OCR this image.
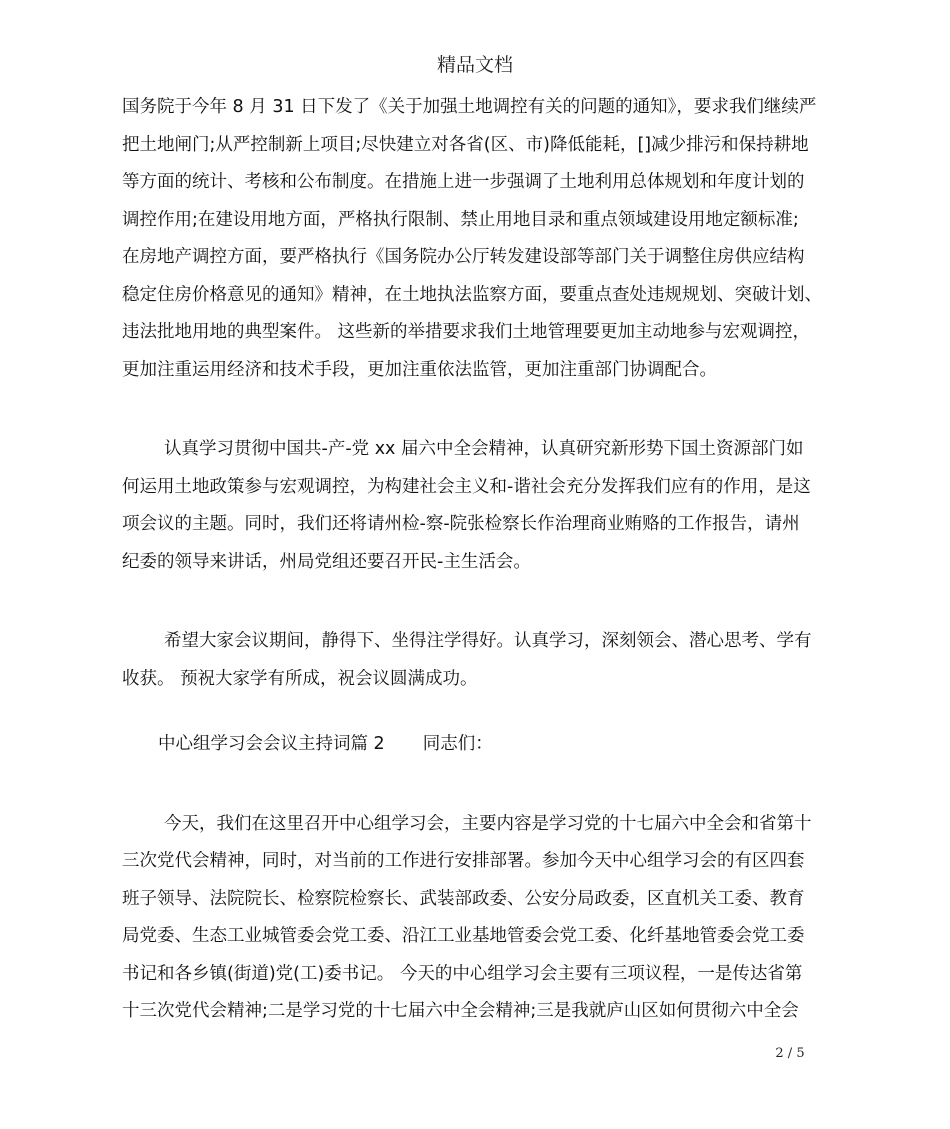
精品文档
国务院于今年 8 月 31 日下发了《关于加强土地调控有关的问题的通知》，要求我们继续严
把土地闸门;从严控制新上项目;尽快建立对各省(区、市)降低能耗，[]减少排污和保持耕地
等方面的统计、考核和公布制度。在措施上进一步强调了土地利用总体规划和年度计划的
调控作用;在建设用地方面，严格执行限制、禁止用地目录和重点领域建设用地定额标准;
在房地产调控方面，要严格执行《国务院办公厅转发建设部等部门关于调整住房供应结构
稳定住房价格意见的通知》精神，在土地执法监察方面，要重点查处违规规划、突破计划、
违法批地用地的典型案件。 这些新的举措要求我们土地管理要更加主动地参与宏观调控，
更加注重运用经济和技术手段，更加注重依法监管，更加注重部门协调配合。
认真学习贯彻中国共-产-党 xx 届六中全会精神，认真研究新形势下国土资源部门如
何运用土地政策参与宏观调控，为构建社会主义和-谐社会充分发挥我们应有的作用，是这
项会议的主题。同时，我们还将请州检-察-院张检察长作治理商业贿赂的工作报告，请州
纪委的领导来讲话，州局党组还要召开民-主生活会。
希望大家会议期间，静得下、坐得注学得好。认真学习，深刻领会、潜心思考、学有
收获。 预祝大家学有所成，祝会议圆满成功。
中心组学习会会议主持词篇 2 同志们：
今天，我们在这里召开中心组学习会，主要内容是学习党的十七届六中全会和省第十
三次党代会精神，同时，对当前的工作进行安排部署。参加今天中心组学习会的有区四套
班子领导、法院院长、检察院检察长、武装部政委、公安分局政委，区直机关工委、教育
局党委、生态工业城管委会党工委、沿江工业基地管委会党工委、化纤基地管委会党工委
书记和各乡镇(街道)党(工)委书记。 今天的中心组学习会主要有三项议程，一是传达省第
十三次党代会精神;二是学习党的十七届六中全会精神;三是我就庐山区如何贯彻六中全会
2 / 5
